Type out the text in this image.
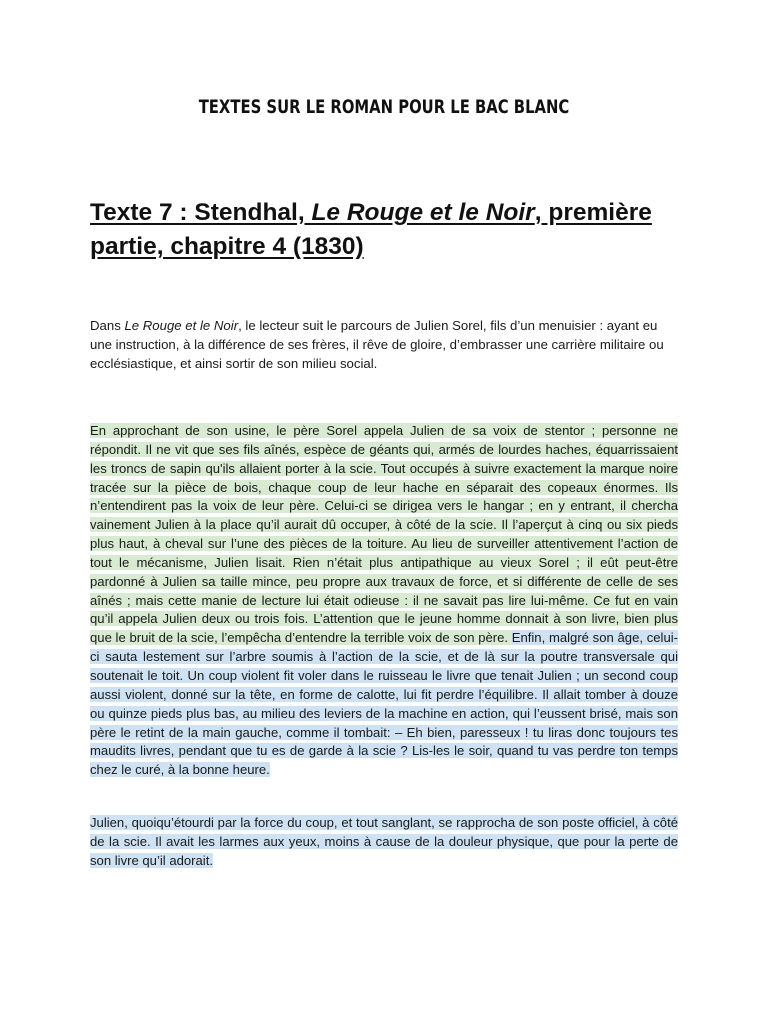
TEXTES SUR LE ROMAN POUR LE BAC BLANC
Texte 7 : Stendhal, Le Rouge et le Noir, première partie, chapitre 4 (1830)

Dans Le Rouge et le Noir, le lecteur suit le parcours de Julien Sorel, fils d’un menuisier : ayant eu une instruction, à la différence de ses frères, il rêve de gloire, d’embrasser une carrière militaire ou ecclésiastique, et ainsi sortir de son milieu social.

En approchant de son usine, le père Sorel appela Julien de sa voix de stentor ; personne ne répondit. Il ne vit que ses fils aînés, espèce de géants qui, armés de lourdes haches, équarrissaient les troncs de sapin qu'ils allaient porter à la scie. Tout occupés à suivre exactement la marque noire tracée sur la pièce de bois, chaque coup de leur hache en séparait des copeaux énormes. Ils n’entendirent pas la voix de leur père. Celui-ci se dirigea vers le hangar ; en y entrant, il chercha vainement Julien à la place qu’il aurait dû occuper, à côté de la scie. Il l’aperçut à cinq ou six pieds plus haut, à cheval sur l’une des pièces de la toiture. Au lieu de surveiller attentivement l’action de tout le mécanisme, Julien lisait. Rien n’était plus antipathique au vieux Sorel ; il eût peut-être pardonné à Julien sa taille mince, peu propre aux travaux de force, et si différente de celle de ses aînés ; mais cette manie de lecture lui était odieuse : il ne savait pas lire lui-même. Ce fut en vain qu’il appela Julien deux ou trois fois. L’attention que le jeune homme donnait à son livre, bien plus que le bruit de la scie, l’empêcha d’entendre la terrible voix de son père. Enfin, malgré son âge, celui-ci sauta lestement sur l’arbre soumis à l’action de la scie, et de là sur la poutre transversale qui soutenait le toit. Un coup violent fit voler dans le ruisseau le livre que tenait Julien ; un second coup aussi violent, donné sur la tête, en forme de calotte, lui fit perdre l’équilibre. Il allait tomber à douze ou quinze pieds plus bas, au milieu des leviers de la machine en action, qui l’eussent brisé, mais son père le retint de la main gauche, comme il tombait: – Eh bien, paresseux ! tu liras donc toujours tes maudits livres, pendant que tu es de garde à la scie ? Lis-les le soir, quand tu vas perdre ton temps chez le curé, à la bonne heure.

Julien, quoiqu’étourdi par la force du coup, et tout sanglant, se rapprocha de son poste officiel, à côté de la scie. Il avait les larmes aux yeux, moins à cause de la douleur physique, que pour la perte de son livre qu’il adorait.
